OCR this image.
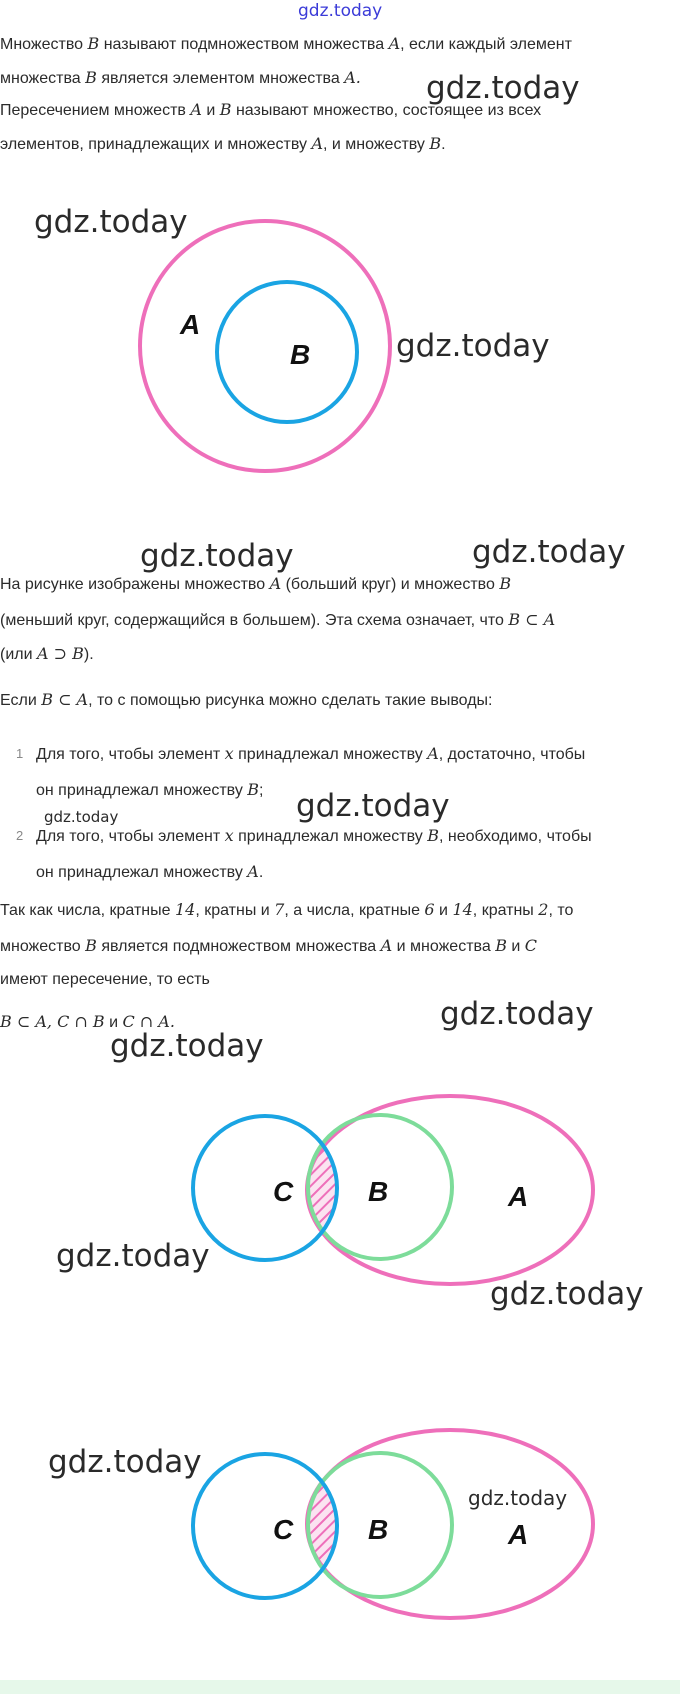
gdz.today

Множество B называют подмножеством множества A, если каждый элемент

множества B является элементом множества A.

Пересечением множеств A и B называют множество, состоящее из всех

элементов, принадлежащих и множеству A, и множеству B.

gdz.today
A
B
gdz.today
gdz.today
gdz.today	gdz.today

На рисунке изображены множество A (больший круг) и множество B

(меньший круг, содержащийся в большем). Эта схема означает, что B ⊂ A

(или A ⊃ B).

Если B ⊂ A, то с помощью рисунка можно сделать такие выводы:

1 Для того, чтобы элемент x принадлежал множеству A, достаточно, чтобы
он принадлежал множеству B;
gdz.today	gdz.today
2 Для того, чтобы элемент x принадлежал множеству B, необходимо, чтобы
он принадлежал множеству A.

Так как числа, кратные 14, кратны и 7, а числа, кратные 6 и 14, кратны 2, то

множество B является подмножеством множества A и множества B и C

имеют пересечение, то есть

B ⊂ A, C ∩ B и C ∩ A.	gdz.today
gdz.today
C	B	A
gdz.today
gdz.today
C	B	A
gdz.today
gdz.today
